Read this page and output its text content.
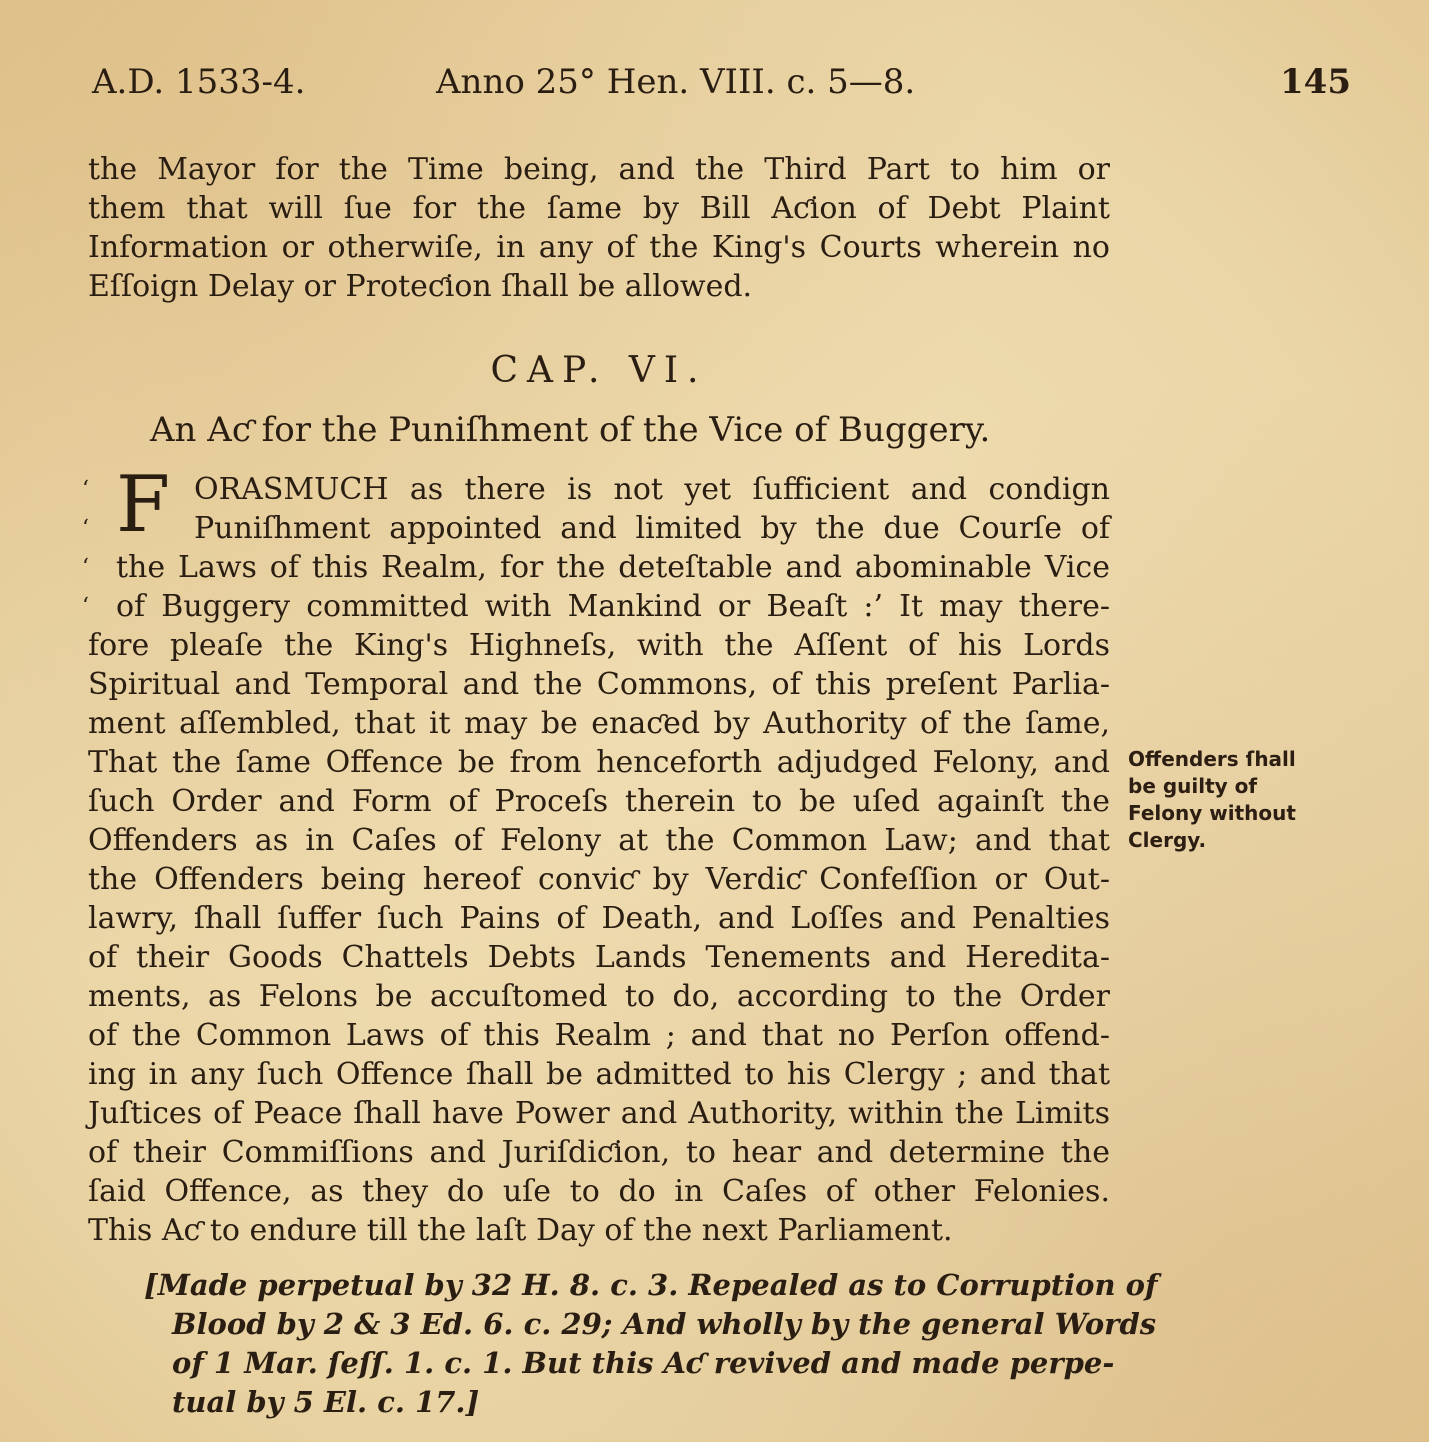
A.D. 1533-4.	Anno 25° Hen. VIII. c. 5—8.	145
the Mayor for the Time being, and the Third Part to him or
them that will ſue for the ſame by Bill Aƈion of Debt Plaint
Information or otherwiſe, in any of the King's Courts wherein no
Eſſoign Delay or Proteƈion ſhall be allowed.
CAP. VI.
An Aƈ for the Puniſhment of the Vice of Buggery.
‘
‘
‘
‘
F ORASMUCH as there is not yet ſufficient and condign
Puniſhment appointed and limited by the due Courſe of
the Laws of this Realm, for the deteſtable and abominable Vice
of Buggery committed with Mankind or Beaſt :’ It may there-
fore pleaſe the King's Highneſs, with the Aſſent of his Lords
Spiritual and Temporal and the Commons, of this preſent Parlia-
ment aſſembled, that it may be enaƈed by Authority of the ſame,
That the ſame Offence be from henceforth adjudged Felony, and
ſuch Order and Form of Proceſs therein to be uſed againſt the
Offenders as in Caſes of Felony at the Common Law; and that
the Offenders being hereof conviƈ by Verdiƈ Confeſſion or Out-
lawry, ſhall ſuffer ſuch Pains of Death, and Loſſes and Penalties
of their Goods Chattels Debts Lands Tenements and Heredita-
ments, as Felons be accuſtomed to do, according to the Order
of the Common Laws of this Realm ; and that no Perſon offend-
ing in any ſuch Offence ſhall be admitted to his Clergy ; and that
Juſtices of Peace ſhall have Power and Authority, within the Limits
of their Commiſſions and Juriſdiƈion, to hear and determine the
ſaid Offence, as they do uſe to do in Caſes of other Felonies.
This Aƈ to endure till the laſt Day of the next Parliament.
Offenders ſhall
be guilty of
Felony without
Clergy.
[Made perpetual by 32 H. 8. c. 3. Repealed as to Corruption of
Blood by 2 & 3 Ed. 6. c. 29; And wholly by the general Words
of 1 Mar. ſeſſ. 1. c. 1. But this Aƈ revived and made perpe-
tual by 5 El. c. 17.]
